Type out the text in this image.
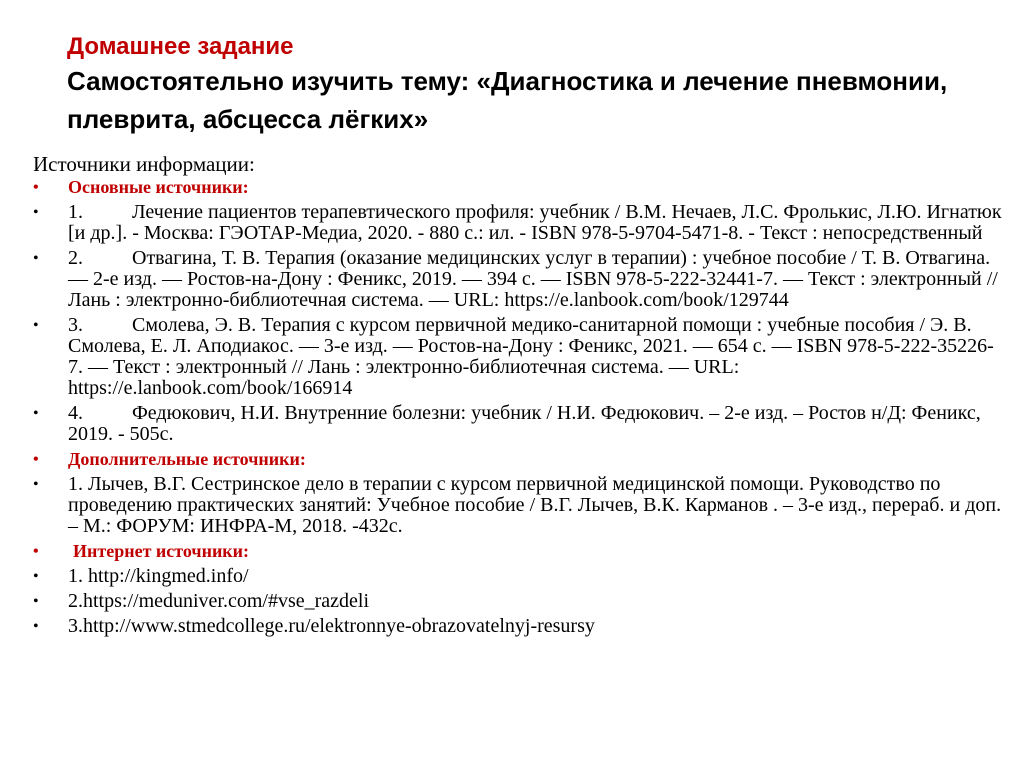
Домашнее задание
Самостоятельно изучить тему: «Диагностика и лечение пневмонии, плеврита, абсцесса лёгких»
Источники информации:
• Основные источники:
• 1. Лечение пациентов терапевтического профиля: учебник / В.М. Нечаев, Л.С. Фролькис, Л.Ю. Игнатюк [и др.]. - Москва: ГЭОТАР-Медиа, 2020. - 880 с.: ил. - ISBN 978-5-9704-5471-8. - Текст : непосредственный
• 2. Отвагина, Т. В. Терапия (оказание медицинских услуг в терапии) : учебное пособие / Т. В. Отвагина. — 2-е изд. — Ростов-на-Дону : Феникс, 2019. — 394 с. — ISBN 978-5-222-32441-7. — Текст : электронный // Лань : электронно-библиотечная система. — URL: https://e.lanbook.com/book/129744
• 3. Смолева, Э. В. Терапия с курсом первичной медико-санитарной помощи : учебные пособия / Э. В. Смолева, Е. Л. Аподиакос. — 3-е изд. — Ростов-на-Дону : Феникс, 2021. — 654 с. — ISBN 978-5-222-35226-7. — Текст : электронный // Лань : электронно-библиотечная система. — URL: https://e.lanbook.com/book/166914
• 4. Федюкович, Н.И. Внутренние болезни: учебник / Н.И. Федюкович. – 2-е изд. – Ростов н/Д: Феникс, 2019. - 505с.
• Дополнительные источники:
• 1. Лычев, В.Г. Сестринское дело в терапии с курсом первичной медицинской помощи. Руководство по проведению практических занятий: Учебное пособие / В.Г. Лычев, В.К. Карманов . – 3-е изд., перераб. и доп. – М.: ФОРУМ: ИНФРА-М, 2018. -432с.
• Интернет источники:
• 1. http://kingmed.info/
• 2.https://meduniver.com/#vse_razdeli
• 3.http://www.stmedcollege.ru/elektronnye-obrazovatelnyj-resursy
